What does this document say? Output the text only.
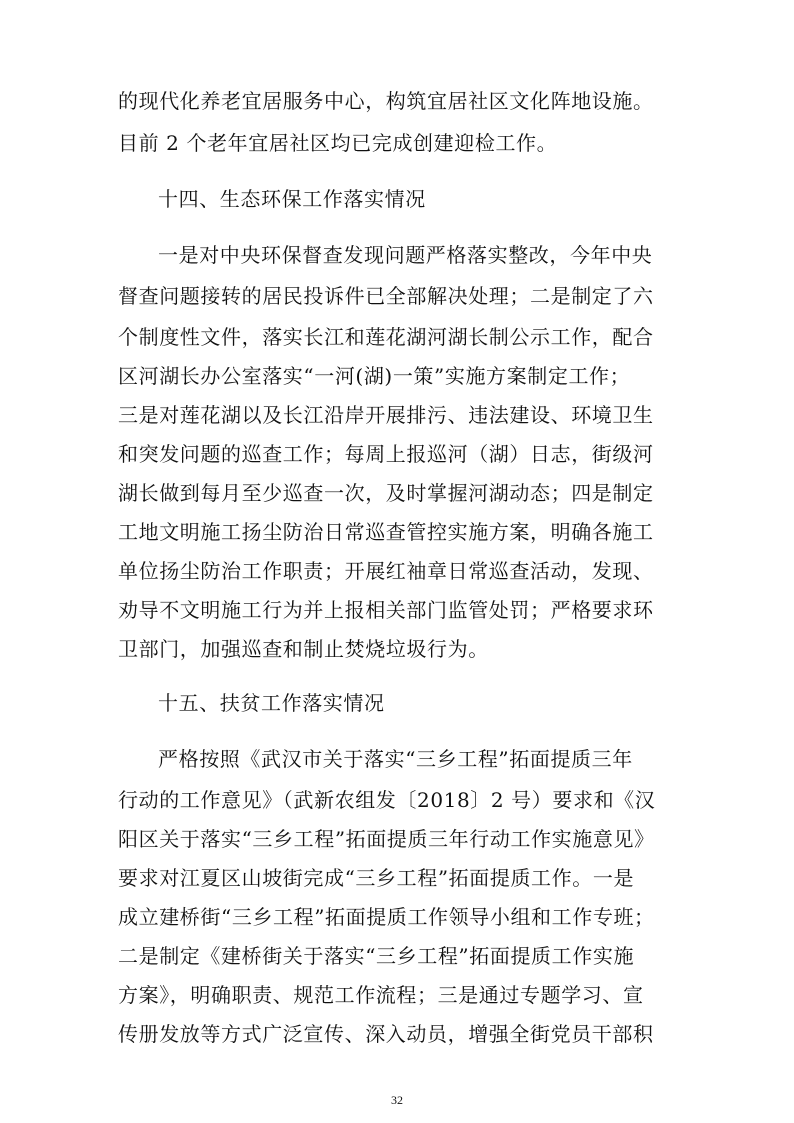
的现代化养老宜居服务中心，构筑宜居社区文化阵地设施。
目前 2 个老年宜居社区均已完成创建迎检工作。
十四、生态环保工作落实情况
一是对中央环保督查发现问题严格落实整改，今年中央
督查问题接转的居民投诉件已全部解决处理；二是制定了六
个制度性文件，落实长江和莲花湖河湖长制公示工作，配合
区河湖长办公室落实“一河(湖)一策”实施方案制定工作；
三是对莲花湖以及长江沿岸开展排污、违法建设、环境卫生
和突发问题的巡查工作；每周上报巡河（湖）日志，街级河
湖长做到每月至少巡查一次，及时掌握河湖动态；四是制定
工地文明施工扬尘防治日常巡查管控实施方案，明确各施工
单位扬尘防治工作职责；开展红袖章日常巡查活动，发现、
劝导不文明施工行为并上报相关部门监管处罚；严格要求环
卫部门，加强巡查和制止焚烧垃圾行为。
十五、扶贫工作落实情况
严格按照《武汉市关于落实“三乡工程”拓面提质三年
行动的工作意见》（武新农组发〔2018〕2 号）要求和《汉
阳区关于落实“三乡工程”拓面提质三年行动工作实施意见》
要求对江夏区山坡街完成“三乡工程”拓面提质工作。一是
成立建桥街“三乡工程”拓面提质工作领导小组和工作专班；
二是制定《建桥街关于落实“三乡工程”拓面提质工作实施
方案》，明确职责、规范工作流程；三是通过专题学习、宣
传册发放等方式广泛宣传、深入动员，增强全街党员干部积
32
